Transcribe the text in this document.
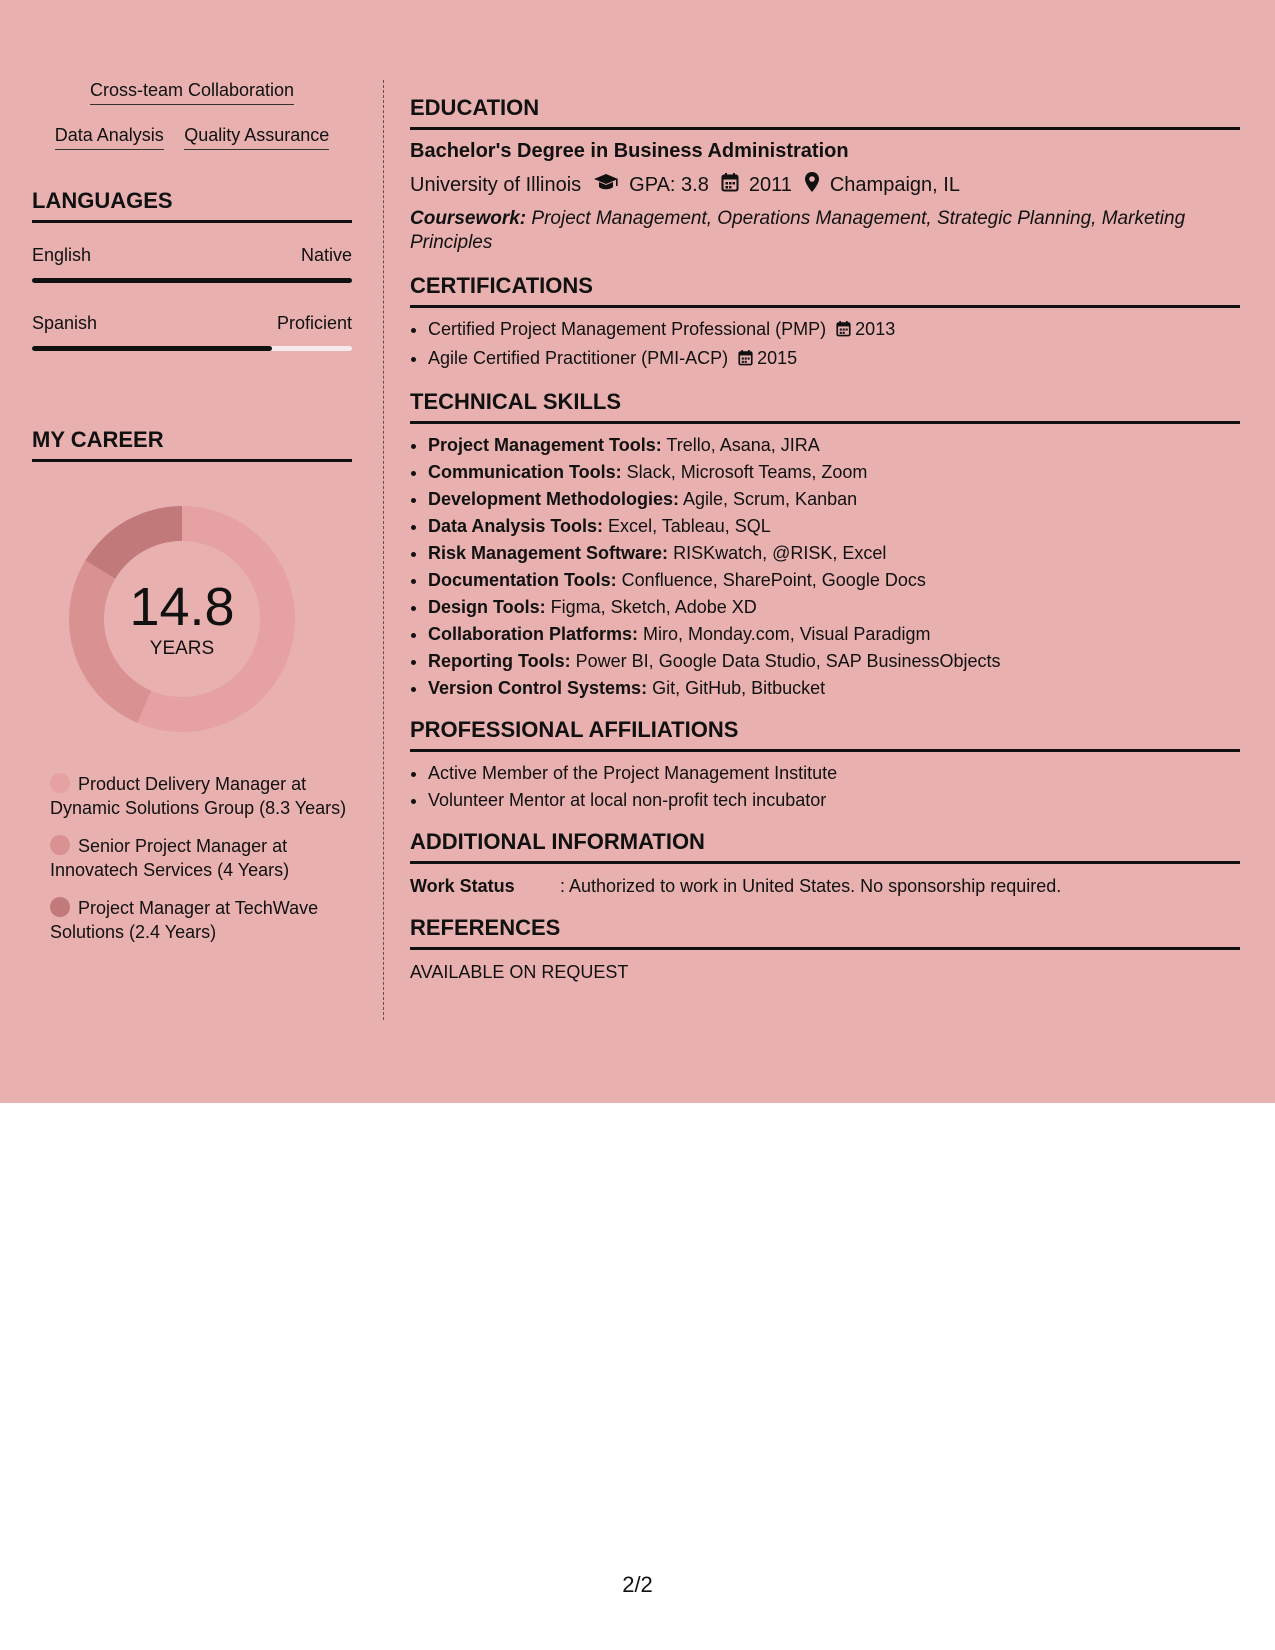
Cross-team Collaboration
Data Analysis Quality Assurance
LANGUAGES
English	Native
Spanish	Proficient
MY CAREER
14.8
YEARS
Product Delivery Manager at Dynamic Solutions Group (8.3 Years)
Senior Project Manager at Innovatech Services (4 Years)
Project Manager at TechWave Solutions (2.4 Years)
EDUCATION
Bachelor's Degree in Business Administration
University of Illinois GPA: 3.8 2011 Champaign, IL
Coursework: Project Management, Operations Management, Strategic Planning, Marketing Principles
CERTIFICATIONS
• Certified Project Management Professional (PMP) 2013
• Agile Certified Practitioner (PMI-ACP) 2015
TECHNICAL SKILLS
• Project Management Tools: Trello, Asana, JIRA
• Communication Tools: Slack, Microsoft Teams, Zoom
• Development Methodologies: Agile, Scrum, Kanban
• Data Analysis Tools: Excel, Tableau, SQL
• Risk Management Software: RISKwatch, @RISK, Excel
• Documentation Tools: Confluence, SharePoint, Google Docs
• Design Tools: Figma, Sketch, Adobe XD
• Collaboration Platforms: Miro, Monday.com, Visual Paradigm
• Reporting Tools: Power BI, Google Data Studio, SAP BusinessObjects
• Version Control Systems: Git, GitHub, Bitbucket
PROFESSIONAL AFFILIATIONS
• Active Member of the Project Management Institute
• Volunteer Mentor at local non-profit tech incubator
ADDITIONAL INFORMATION
Work Status	: Authorized to work in United States. No sponsorship required.
REFERENCES
AVAILABLE ON REQUEST
2/2
